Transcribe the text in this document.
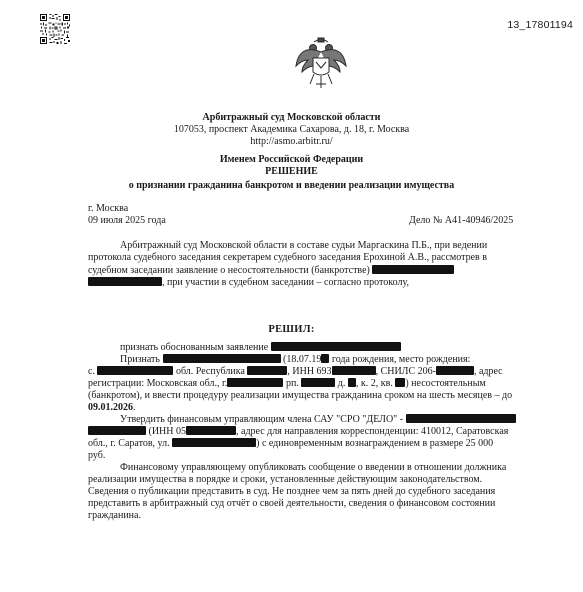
13_17801194
Арбитражный суд Московской области
107053, проспект Академика Сахарова, д. 18, г. Москва
http://asmo.arbitr.ru/
Именем Российской Федерации
РЕШЕНИЕ
о признании гражданина банкротом и введении реализации имущества
г. Москва
09 июля 2025 года	Дело № А41-40946/2025
Арбитражный суд Московской области в составе судьи Маргаскина П.Б., при ведении
протокола судебного заседания секретарем судебного заседания Ерохиной А.В., рассмотрев в
судебном заседании заявление о несостоятельности (банкротстве)
, при участии в судебном заседании – согласно протоколу,
РЕШИЛ:
признать обоснованным заявление
Признать	(18.07.19 года рождения, место рождения:
с.	обл. Республика	, ИНН 693	, СНИЛС 206-	, адрес
регистрации: Московская обл., г.	рп.	д. , к. 2, кв. ) несостоятельным
(банкротом), и ввести процедуру реализации имущества гражданина сроком на шесть месяцев – до
09.01.2026.
Утвердить финансовым управляющим члена САУ "СРО "ДЕЛО" -
(ИНН 05	, адрес для направления корреспонденции: 410012, Саратовская
обл., г. Саратов, ул.	) с единовременным вознаграждением в размере 25 000
руб.
Финансовому управляющему опубликовать сообщение о введении в отношении должника
реализации имущества в порядке и сроки, установленные действующим законодательством.
Сведения о публикации представить в суд. Не позднее чем за пять дней до судебного заседания
представить в арбитражный суд отчёт о своей деятельности, сведения о финансовом состоянии
гражданина.
